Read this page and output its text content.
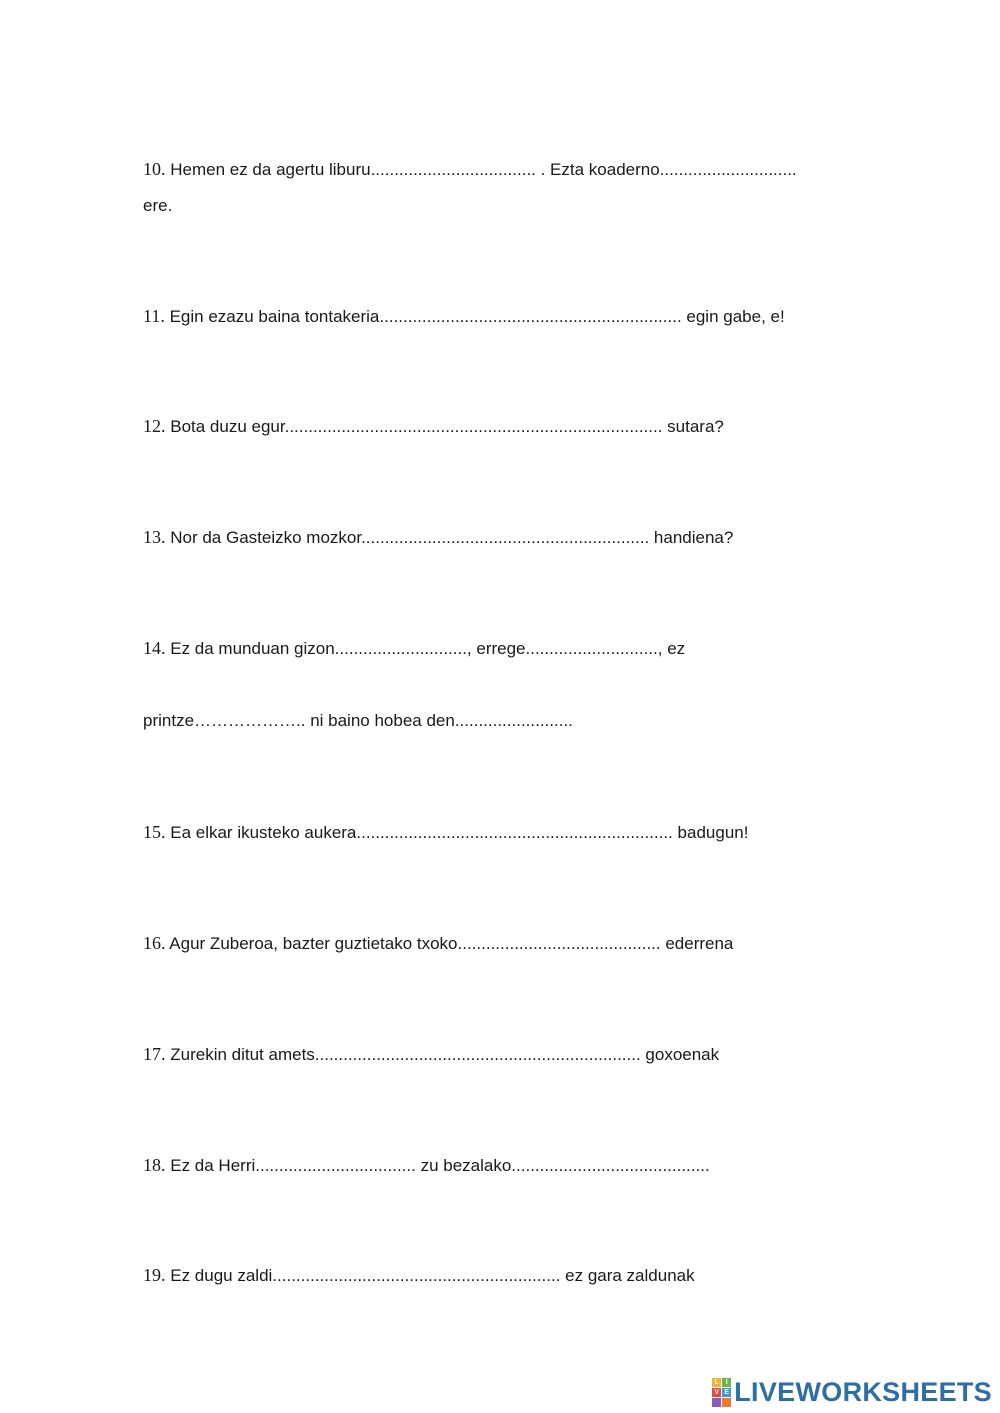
10. Hemen ez da agertu liburu................................... . Ezta koaderno.............................
ere.
11. Egin ezazu baina tontakeria................................................................ egin gabe, e!
12. Bota duzu egur................................................................................ sutara?
13. Nor da Gasteizko mozkor............................................................. handiena?
14. Ez da munduan gizon............................, errege............................, ez
printze……………….. ni baino hobea den.........................
15. Ea elkar ikusteko aukera................................................................... badugun!
16. Agur Zuberoa, bazter guztietako txoko........................................... ederrena
17. Zurekin ditut amets..................................................................... goxoenak
18. Ez da Herri.................................. zu bezalako..........................................
19. Ez dugu zaldi............................................................. ez gara zaldunak
L I
V E LIVEWORKSHEETS
